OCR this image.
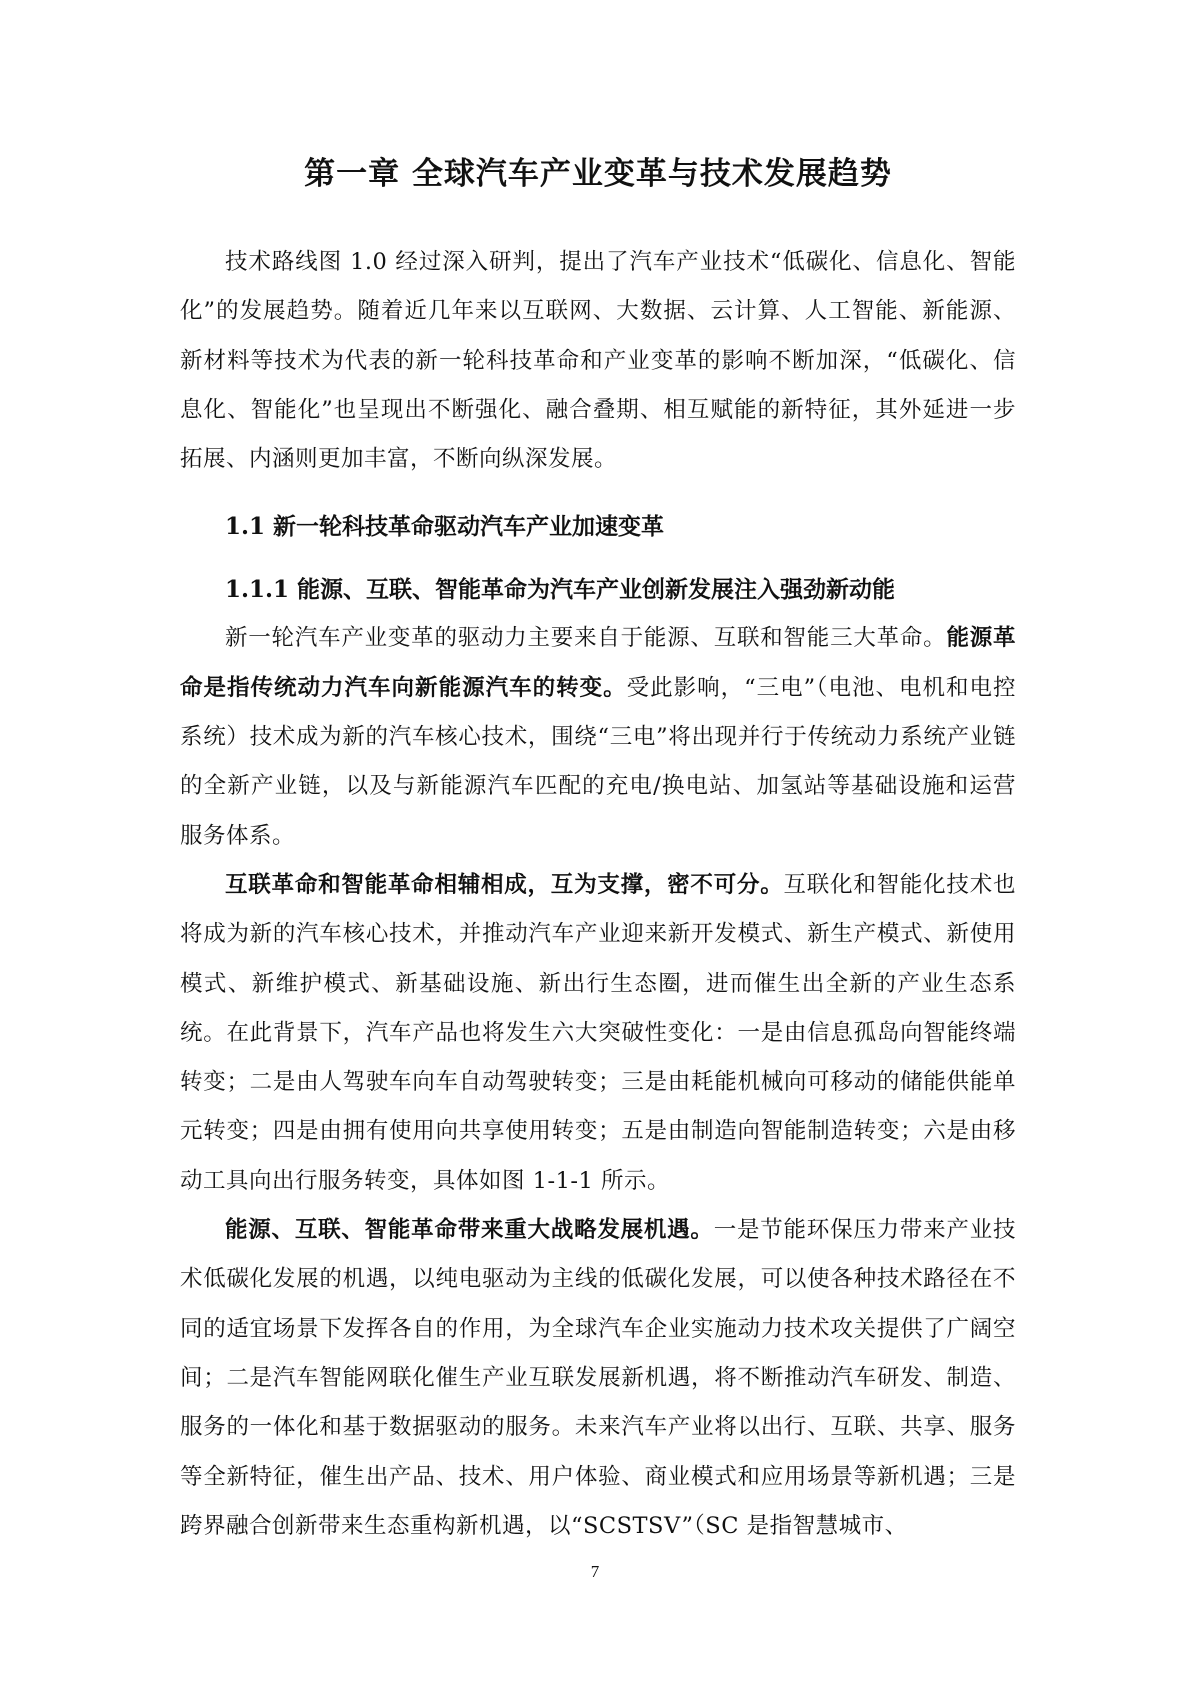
第一章 全球汽车产业变革与技术发展趋势

技术路线图 1.0 经过深入研判，提出了汽车产业技术“低碳化、信息化、智能化”的发展趋势。随着近几年来以互联网、大数据、云计算、人工智能、新能源、新材料等技术为代表的新一轮科技革命和产业变革的影响不断加深，“低碳化、信息化、智能化”也呈现出不断强化、融合叠期、相互赋能的新特征，其外延进一步拓展、内涵则更加丰富，不断向纵深发展。

1.1 新一轮科技革命驱动汽车产业加速变革
1.1.1 能源、互联、智能革命为汽车产业创新发展注入强劲新动能

新一轮汽车产业变革的驱动力主要来自于能源、互联和智能三大革命。能源革命是指传统动力汽车向新能源汽车的转变。受此影响，“三电”（电池、电机和电控系统）技术成为新的汽车核心技术，围绕“三电”将出现并行于传统动力系统产业链的全新产业链，以及与新能源汽车匹配的充电/换电站、加氢站等基础设施和运营服务体系。

互联革命和智能革命相辅相成，互为支撑，密不可分。互联化和智能化技术也将成为新的汽车核心技术，并推动汽车产业迎来新开发模式、新生产模式、新使用模式、新维护模式、新基础设施、新出行生态圈，进而催生出全新的产业生态系统。在此背景下，汽车产品也将发生六大突破性变化：一是由信息孤岛向智能终端转变；二是由人驾驶车向车自动驾驶转变；三是由耗能机械向可移动的储能供能单元转变；四是由拥有使用向共享使用转变；五是由制造向智能制造转变；六是由移动工具向出行服务转变，具体如图 1-1-1 所示。

能源、互联、智能革命带来重大战略发展机遇。一是节能环保压力带来产业技术低碳化发展的机遇，以纯电驱动为主线的低碳化发展，可以使各种技术路径在不同的适宜场景下发挥各自的作用，为全球汽车企业实施动力技术攻关提供了广阔空间；二是汽车智能网联化催生产业互联发展新机遇，将不断推动汽车研发、制造、服务的一体化和基于数据驱动的服务。未来汽车产业将以出行、互联、共享、服务等全新特征，催生出产品、技术、用户体验、商业模式和应用场景等新机遇；三是跨界融合创新带来生态重构新机遇，以“SCSTSV”（SC 是指智慧城市、

7
